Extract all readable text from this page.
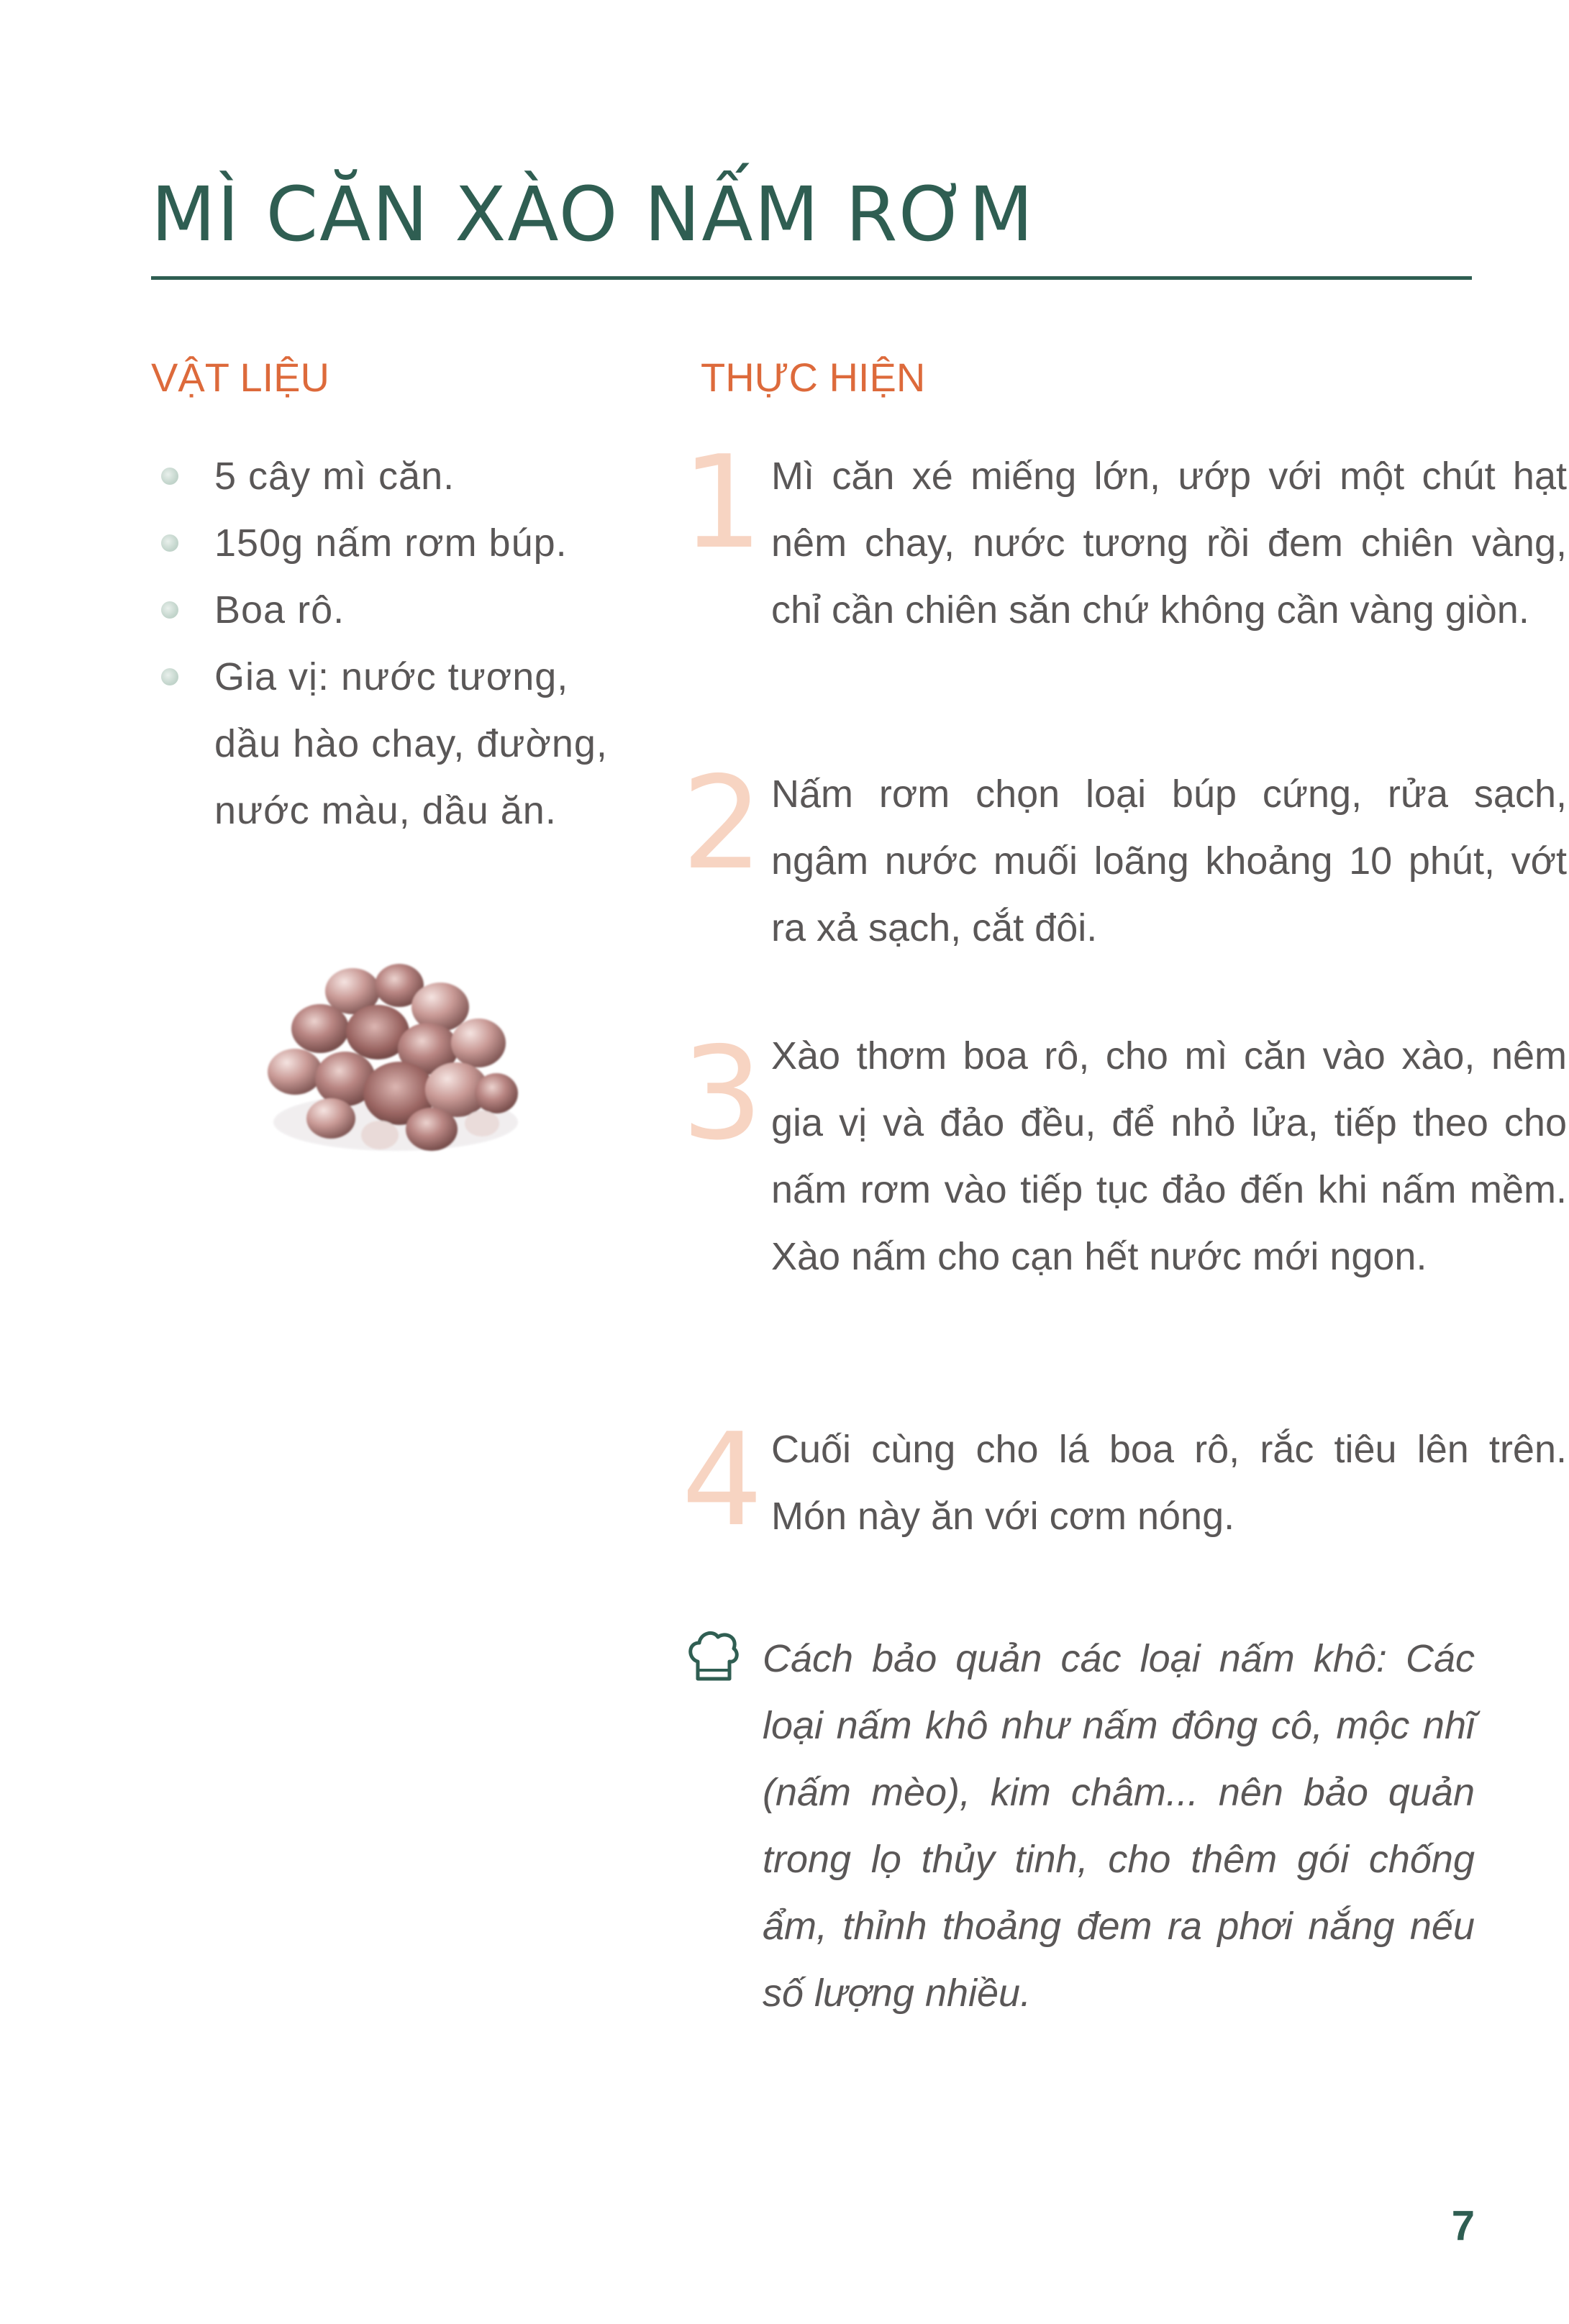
MÌ CĂN XÀO NẤM RƠM
VẬT LIỆU	THỰC HIỆN
5 cây mì căn.
150g nấm rơm búp.
Boa rô.
Gia vị: nước tương, dầu hào chay, đường, nước màu, dầu ăn.
1 Mì căn xé miếng lớn, ướp với một chút hạt nêm chay, nước tương rồi đem chiên vàng, chỉ cần chiên săn chứ không cần vàng giòn.

2 Nấm rơm chọn loại búp cứng, rửa sạch, ngâm nước muối loãng khoảng 10 phút, vớt ra xả sạch, cắt đôi.

3 Xào thơm boa rô, cho mì căn vào xào, nêm gia vị và đảo đều, để nhỏ lửa, tiếp theo cho nấm rơm vào tiếp tục đảo đến khi nấm mềm. Xào nấm cho cạn hết nước mới ngon.

4 Cuối cùng cho lá boa rô, rắc tiêu lên trên. Món này ăn với cơm nóng.

Cách bảo quản các loại nấm khô: Các loại nấm khô như nấm đông cô, mộc nhĩ (nấm mèo), kim châm... nên bảo quản trong lọ thủy tinh, cho thêm gói chống ẩm, thỉnh thoảng đem ra phơi nắng nếu số lượng nhiều.

7
